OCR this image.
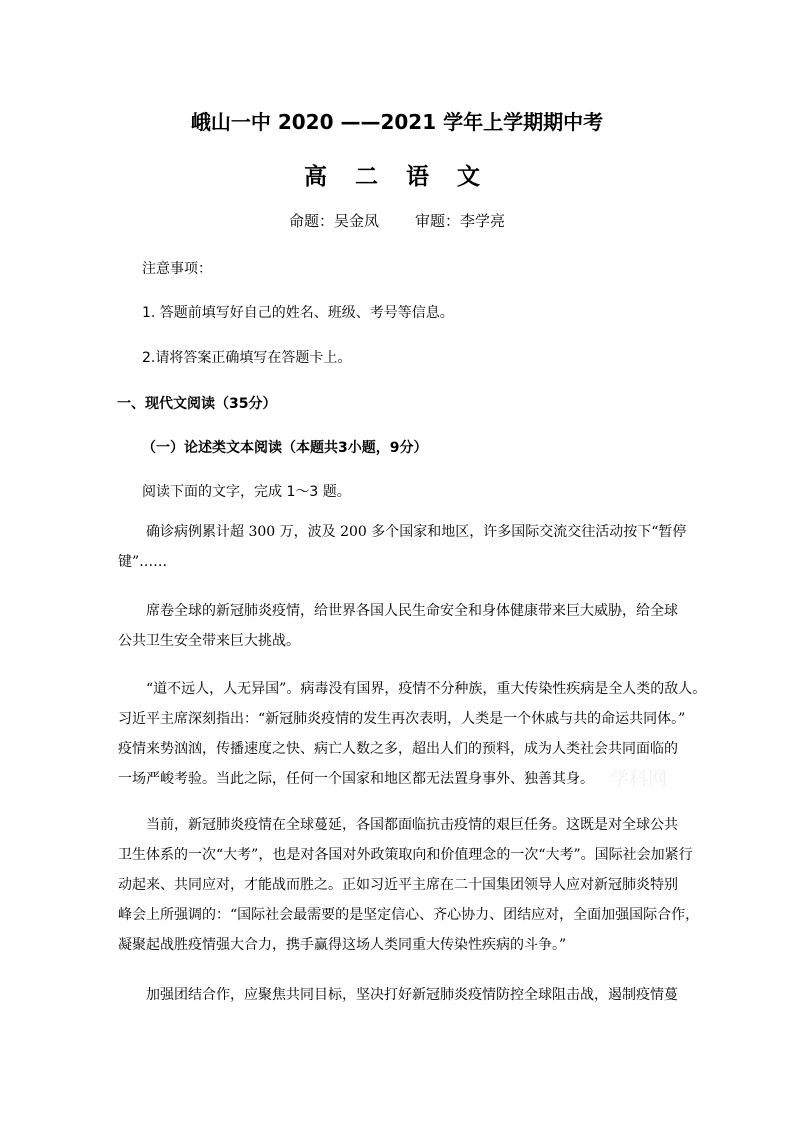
峨山一中 2020 ——2021 学年上学期期中考
高 二 语 文
命题：吴金凤 审题：李学亮
注意事项：
1. 答题前填写好自己的姓名、班级、考号等信息。
2.请将答案正确填写在答题卡上。
一、现代文阅读（35分）
（一）论述类文本阅读（本题共3小题，9分）
阅读下面的文字，完成 1～3 题。
确诊病例累计超 300 万，波及 200 多个国家和地区，许多国际交流交往活动按下“暂停
键”……
席卷全球的新冠肺炎疫情，给世界各国人民生命安全和身体健康带来巨大威胁，给全球
公共卫生安全带来巨大挑战。
“道不远人，人无异国”。病毒没有国界，疫情不分种族，重大传染性疾病是全人类的敌人。
习近平主席深刻指出：“新冠肺炎疫情的发生再次表明，人类是一个休戚与共的命运共同体。”
疫情来势汹汹，传播速度之快、病亡人数之多，超出人们的预料，成为人类社会共同面临的
一场严峻考验。当此之际，任何一个国家和地区都无法置身事外、独善其身。
当前，新冠肺炎疫情在全球蔓延，各国都面临抗击疫情的艰巨任务。这既是对全球公共
卫生体系的一次“大考”，也是对各国对外政策取向和价值理念的一次“大考”。国际社会加紧行
动起来、共同应对，才能战而胜之。正如习近平主席在二十国集团领导人应对新冠肺炎特别
峰会上所强调的：“国际社会最需要的是坚定信心、齐心协力、团结应对，全面加强国际合作，
凝聚起战胜疫情强大合力，携手赢得这场人类同重大传染性疾病的斗争。”
加强团结合作，应聚焦共同目标，坚决打好新冠肺炎疫情防控全球阻击战，遏制疫情蔓
学科网
